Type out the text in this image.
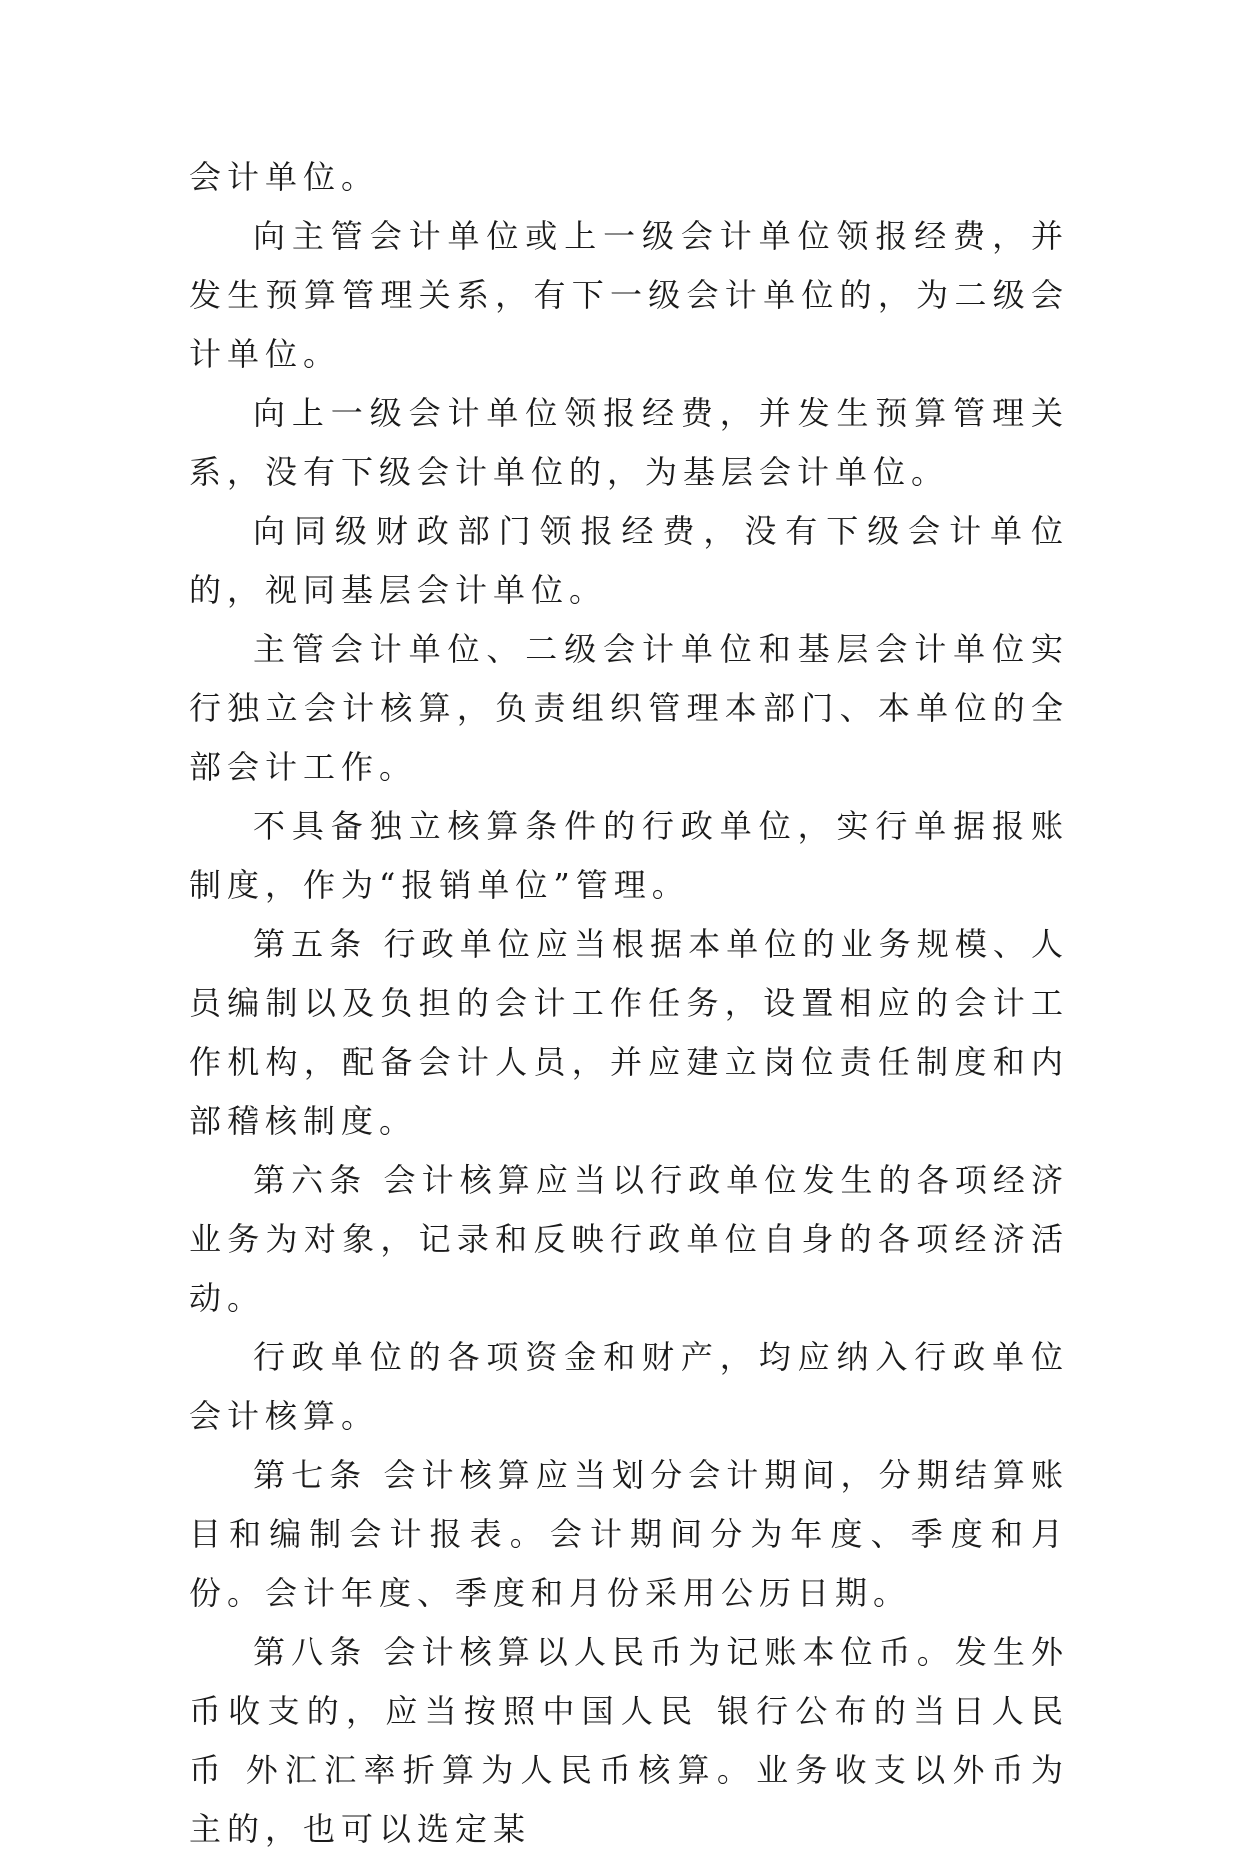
会计单位。

向主管会计单位或上一级会计单位领报经费，并发生预算管理关系，有下一级会计单位的，为二级会计单位。

向上一级会计单位领报经费，并发生预算管理关系，没有下级会计单位的，为基层会计单位。

向同级财政部门领报经费，没有下级会计单位的，视同基层会计单位。

主管会计单位、二级会计单位和基层会计单位实行独立会计核算，负责组织管理本部门、本单位的全部会计工作。

不具备独立核算条件的行政单位，实行单据报账制度，作为“报销单位”管理。

第五条 行政单位应当根据本单位的业务规模、人员编制以及负担的会计工作任务，设置相应的会计工作机构，配备会计人员，并应建立岗位责任制度和内部稽核制度。

第六条 会计核算应当以行政单位发生的各项经济业务为对象，记录和反映行政单位自身的各项经济活动。

行政单位的各项资金和财产，均应纳入行政单位会计核算。

第七条 会计核算应当划分会计期间，分期结算账目和编制会计报表。会计期间分为年度、季度和月份。会计年度、季度和月份采用公历日期。

第八条 会计核算以人民币为记账本位币。发生外币收支的，应当按照中国人民 银行公布的当日人民币 外汇汇率折算为人民币核算。业务收支以外币为主的，也可以选定某
